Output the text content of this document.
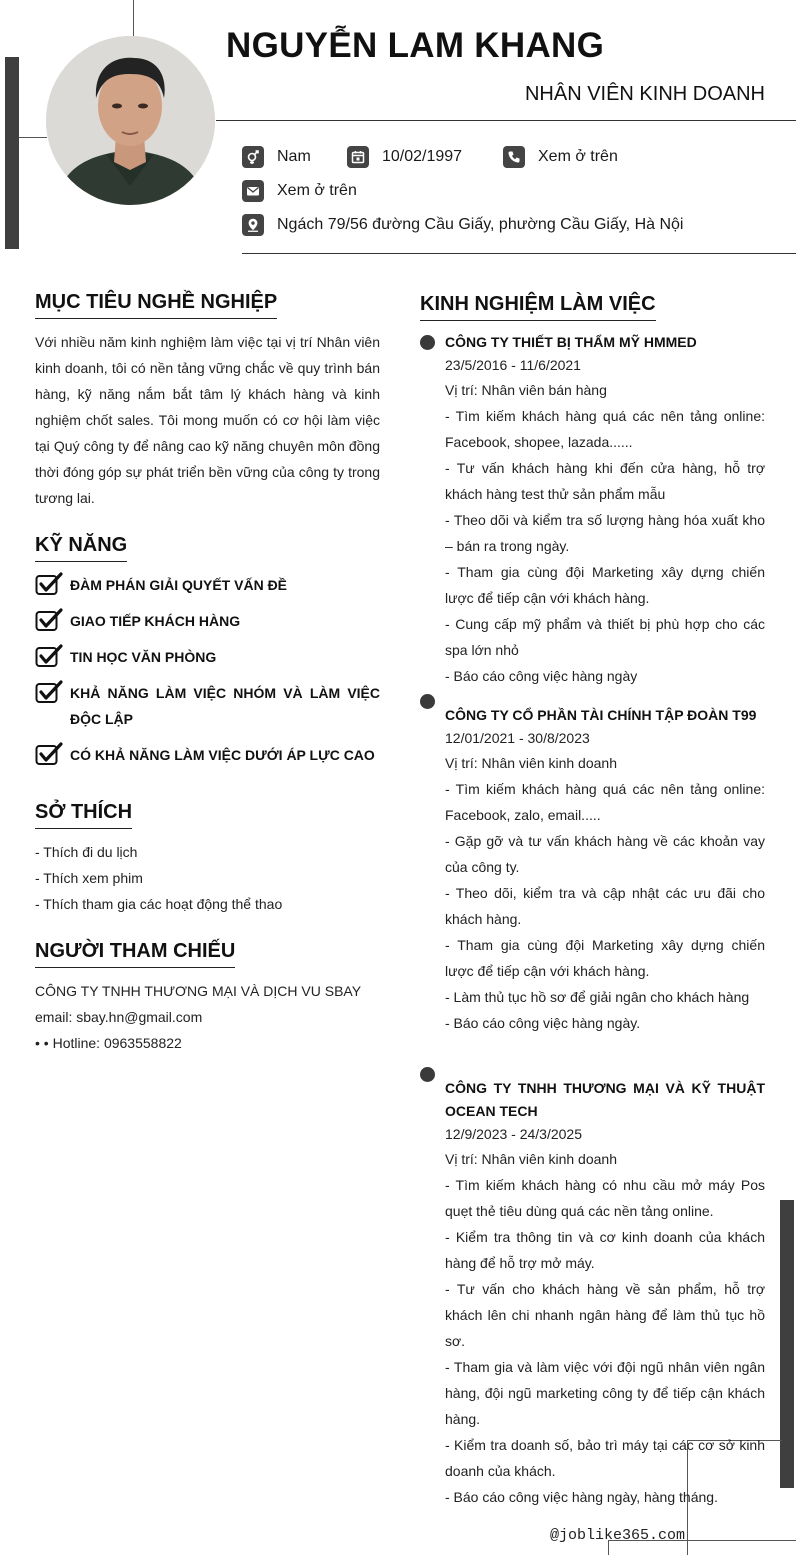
NGUYỄN LAM KHANG
NHÂN VIÊN KINH DOANH
Nam	10/02/1997	Xem ở trên
Xem ở trên
Ngách 79/56 đường Cầu Giấy, phường Cầu Giấy, Hà Nội
MỤC TIÊU NGHỀ NGHIỆP
Với nhiều năm kinh nghiệm làm việc tại vị trí Nhân viên kinh doanh, tôi có nền tảng vững chắc về quy trình bán hàng, kỹ năng nắm bắt tâm lý khách hàng và kinh nghiệm chốt sales. Tôi mong muốn có cơ hội làm việc tại Quý công ty để nâng cao kỹ năng chuyên môn đồng thời đóng góp sự phát triển bền vững của công ty trong tương lai.
KỸ NĂNG
ĐÀM PHÁN GIẢI QUYẾT VẤN ĐỀ
GIAO TIẾP KHÁCH HÀNG
TIN HỌC VĂN PHÒNG
KHẢ NĂNG LÀM VIỆC NHÓM VÀ LÀM VIỆC ĐỘC LẬP
CÓ KHẢ NĂNG LÀM VIỆC DƯỚI ÁP LỰC CAO
SỞ THÍCH
- Thích đi du lịch
- Thích xem phim
- Thích tham gia các hoạt động thể thao
NGƯỜI THAM CHIẾU
CÔNG TY TNHH THƯƠNG MẠI VÀ DỊCH VU SBAY
email: sbay.hn@gmail.com
• • Hotline: 0963558822
KINH NGHIỆM LÀM VIỆC
CÔNG TY THIẾT BỊ THẨM MỸ HMMED
23/5/2016 - 11/6/2021
Vị trí: Nhân viên bán hàng
- Tìm kiếm khách hàng quá các nên tảng online: Facebook, shopee, lazada......
- Tư vấn khách hàng khi đến cửa hàng, hỗ trợ khách hàng test thử sản phẩm mẫu
- Theo dõi và kiểm tra số lượng hàng hóa xuất kho – bán ra trong ngày.
- Tham gia cùng đội Marketing xây dựng chiến lược để tiếp cận với khách hàng.
- Cung cấp mỹ phẩm và thiết bị phù hợp cho các spa lớn nhỏ
- Báo cáo công việc hàng ngày
CÔNG TY CỔ PHẦN TÀI CHÍNH TẬP ĐOÀN T99
12/01/2021 - 30/8/2023
Vị trí: Nhân viên kinh doanh
- Tìm kiếm khách hàng quá các nên tảng online: Facebook, zalo, email.....
- Gặp gỡ và tư vấn khách hàng về các khoản vay của công ty.
- Theo dõi, kiểm tra và cập nhật các ưu đãi cho khách hàng.
- Tham gia cùng đội Marketing xây dựng chiến lược để tiếp cận với khách hàng.
- Làm thủ tục hồ sơ để giải ngân cho khách hàng
- Báo cáo công việc hàng ngày.
CÔNG TY TNHH THƯƠNG MẠI VÀ KỸ THUẬT OCEAN TECH
12/9/2023 - 24/3/2025
Vị trí: Nhân viên kinh doanh
- Tìm kiếm khách hàng có nhu cầu mở máy Pos quẹt thẻ tiêu dùng quá các nền tảng online.
- Kiểm tra thông tin và cơ kinh doanh của khách hàng để hỗ trợ mở máy.
- Tư vấn cho khách hàng về sản phẩm, hỗ trợ khách lên chi nhanh ngân hàng để làm thủ tục hồ sơ.
- Tham gia và làm việc với đội ngũ nhân viên ngân hàng, đội ngũ marketing công ty để tiếp cận khách hàng.
- Kiểm tra doanh số, bảo trì máy tại các cơ sở kinh doanh của khách.
- Báo cáo công việc hàng ngày, hàng tháng.
@joblike365.com
